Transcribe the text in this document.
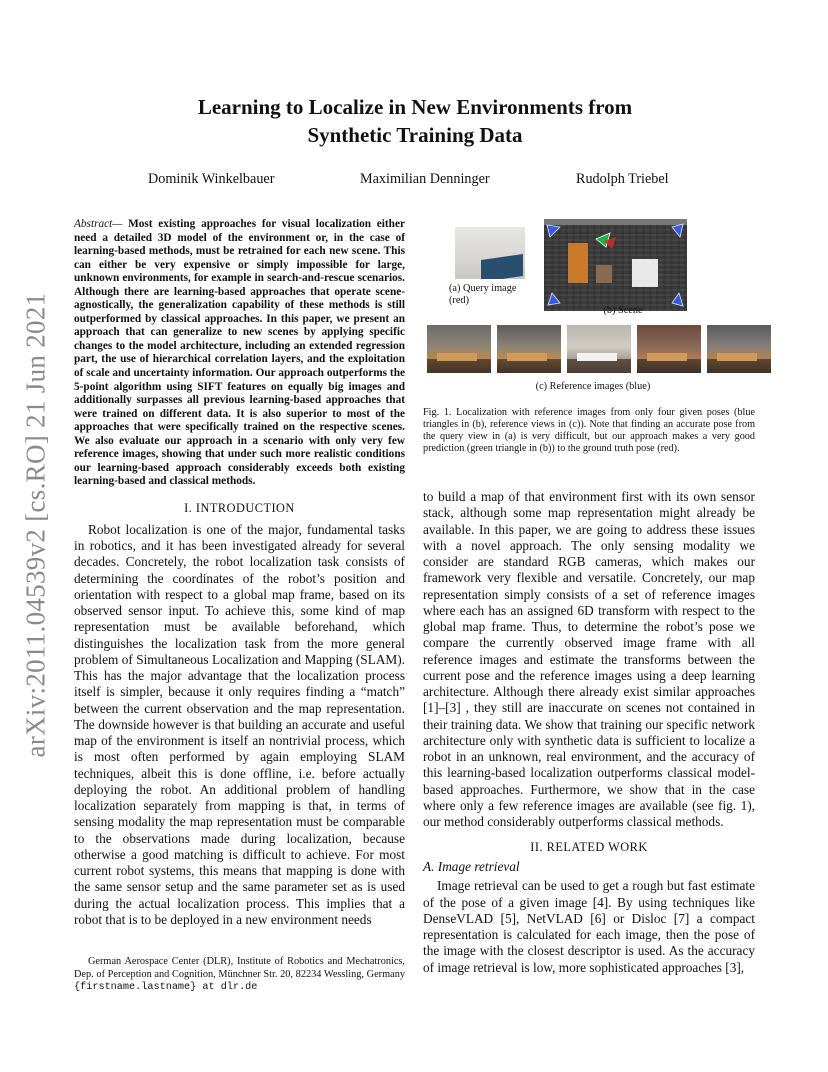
arXiv:2011.04539v2 [cs.RO] 21 Jun 2021
Learning to Localize in New Environments from
Synthetic Training Data
Dominik Winkelbauer	Maximilian Denninger	Rudolph Triebel

Abstract— Most existing approaches for visual localization either need a detailed 3D model of the environment or, in the case of learning-based methods, must be retrained for each new scene. This can either be very expensive or simply impossible for large, unknown environments, for example in search-and-rescue scenarios. Although there are learning-based approaches that operate scene-agnostically, the generalization capability of these methods is still outperformed by classical approaches. In this paper, we present an approach that can generalize to new scenes by applying specific changes to the model architecture, including an extended regression part, the use of hierarchical correlation layers, and the exploitation of scale and uncertainty information. Our approach outperforms the 5-point algorithm using SIFT features on equally big images and additionally surpasses all previous learning-based approaches that were trained on different data. It is also superior to most of the approaches that were specifically trained on the respective scenes. We also evaluate our approach in a scenario with only very few reference images, showing that under such more realistic conditions our learning-based approach considerably exceeds both existing learning-based and classical methods.

I. INTRODUCTION

Robot localization is one of the major, fundamental tasks in robotics, and it has been investigated already for several decades. Concretely, the robot localization task consists of determining the coordinates of the robot’s position and orientation with respect to a global map frame, based on its observed sensor input. To achieve this, some kind of map representation must be available beforehand, which distinguishes the localization task from the more general problem of Simultaneous Localization and Mapping (SLAM). This has the major advantage that the localization process itself is simpler, because it only requires finding a “match” between the current observation and the map representation. The downside however is that building an accurate and useful map of the environment is itself an nontrivial process, which is most often performed by again employing SLAM techniques, albeit this is done offline, i.e. before actually deploying the robot. An additional problem of handling localization separately from mapping is that, in terms of sensing modality the map representation must be comparable to the observations made during localization, because otherwise a good matching is difficult to achieve. For most current robot systems, this means that mapping is done with the same sensor setup and the same parameter set as is used during the actual localization process. This implies that a robot that is to be deployed in a new environment needs

German Aerospace Center (DLR), Institute of Robotics and Mechatronics, Dep. of Perception and Cognition, Münchner Str. 20, 82234 Wessling, Germany {firstname.lastname} at dlr.de
(a) Query image (red)
(b) Scene
(c) Reference images (blue)
Fig. 1. Localization with reference images from only four given poses (blue triangles in (b), reference views in (c)). Note that finding an accurate pose from the query view in (a) is very difficult, but our approach makes a very good prediction (green triangle in (b)) to the ground truth pose (red).

to build a map of that environment first with its own sensor stack, although some map representation might already be available. In this paper, we are going to address these issues with a novel approach. The only sensing modality we consider are standard RGB cameras, which makes our framework very flexible and versatile. Concretely, our map representation simply consists of a set of reference images where each has an assigned 6D transform with respect to the global map frame. Thus, to determine the robot’s pose we compare the currently observed image frame with all reference images and estimate the transforms between the current pose and the reference images using a deep learning architecture. Although there already exist similar approaches [1]–[3] , they still are inaccurate on scenes not contained in their training data. We show that training our specific network architecture only with synthetic data is sufficient to localize a robot in an unknown, real environment, and the accuracy of this learning-based localization outperforms classical model-based approaches. Furthermore, we show that in the case where only a few reference images are available (see fig. 1), our method considerably outperforms classical methods.

II. RELATED WORK

A. Image retrieval

Image retrieval can be used to get a rough but fast estimate of the pose of a given image [4]. By using techniques like DenseVLAD [5], NetVLAD [6] or Disloc [7] a compact representation is calculated for each image, then the pose of the image with the closest descriptor is used. As the accuracy of image retrieval is low, more sophisticated approaches [3],
